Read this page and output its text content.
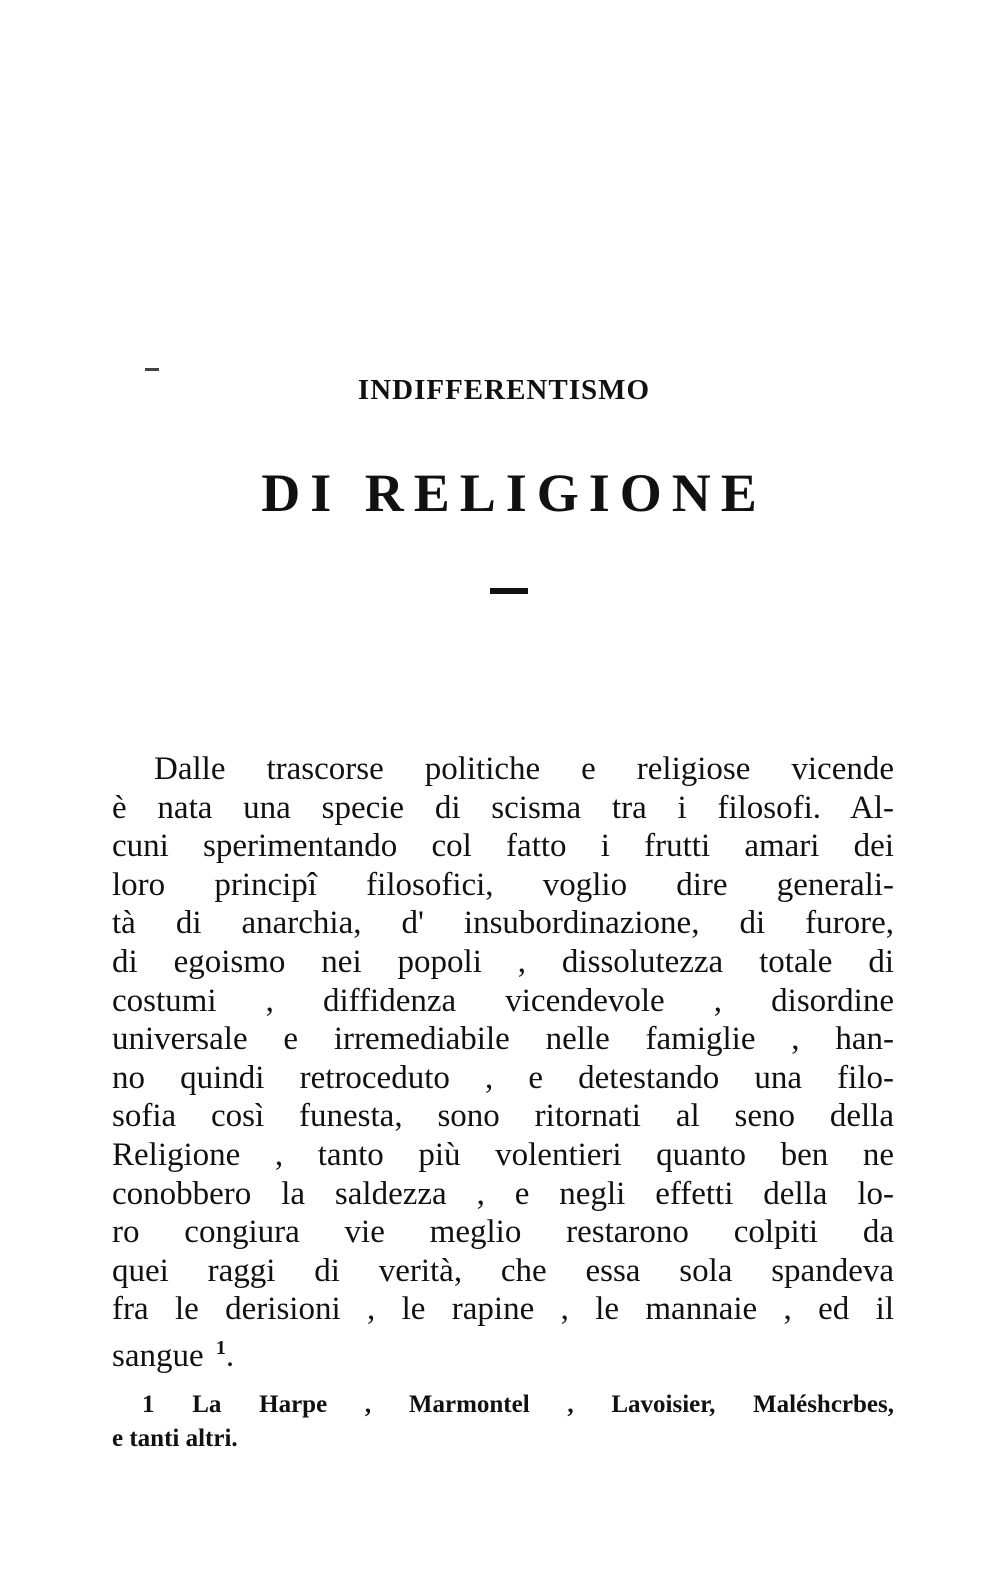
INDIFFERENTISMO
DI RELIGIONE
Dalle trascorse politiche e religiose vicende
è nata una specie di scisma tra i filosofi. Al-
cuni sperimentando col fatto i frutti amari dei
loro principî filosofici, voglio dire generali-
tà di anarchia, d' insubordinazione, di furore,
di egoismo nei popoli , dissolutezza totale di
costumi , diffidenza vicendevole , disordine
universale e irremediabile nelle famiglie , han-
no quindi retroceduto , e detestando una filo-
sofia così funesta, sono ritornati al seno della
Religione , tanto più volentieri quanto ben ne
conobbero la saldezza , e negli effetti della lo-
ro congiura vie meglio restarono colpiti da
quei raggi di verità, che essa sola spandeva
fra le derisioni , le rapine , le mannaie , ed il
sangue $^1$.
1 La Harpe , Marmontel , Lavoisier, Maléshcrbes,
e tanti altri.
